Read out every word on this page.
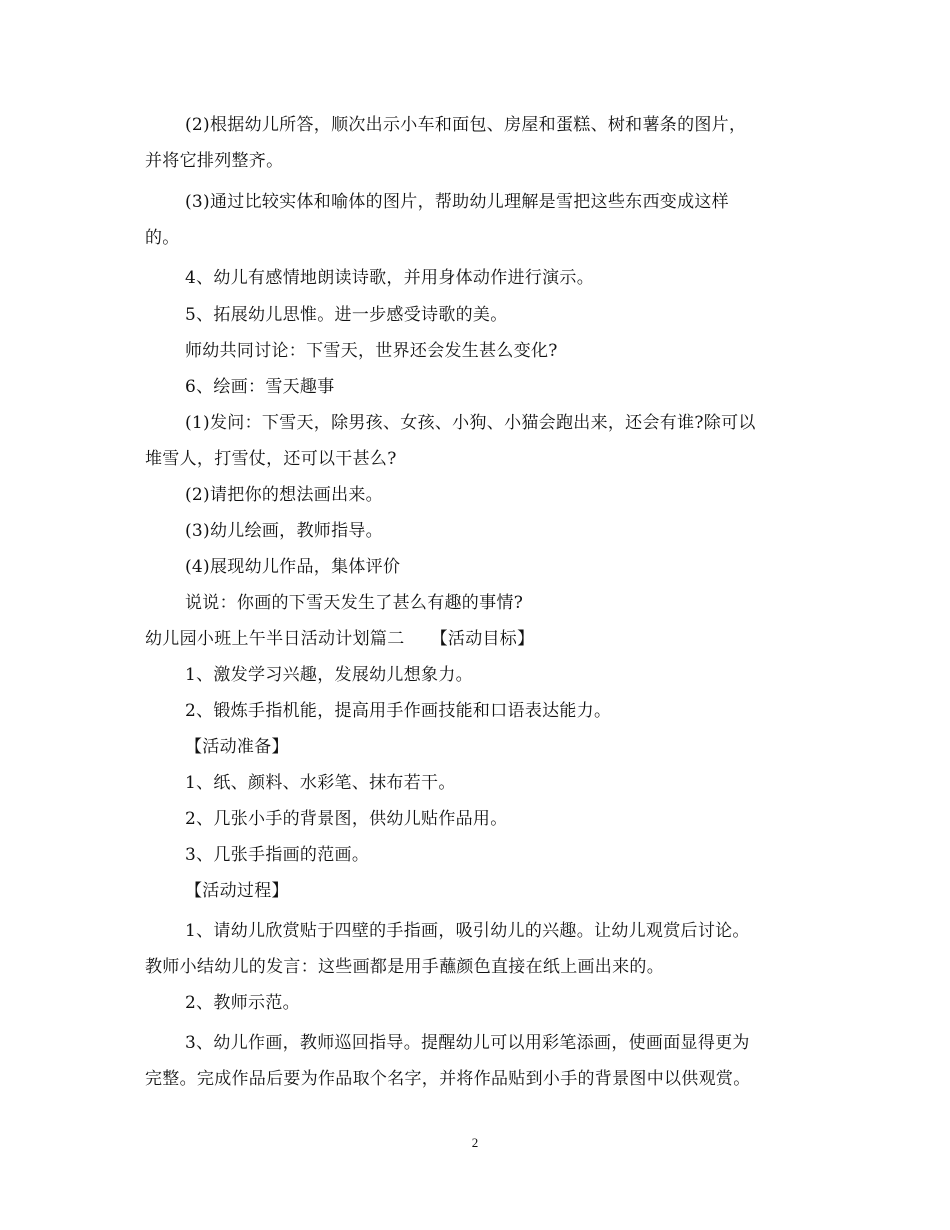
(2)根据幼儿所答，顺次出示小车和面包、房屋和蛋糕、树和薯条的图片，
并将它排列整齐。
(3)通过比较实体和喻体的图片，帮助幼儿理解是雪把这些东西变成这样
的。
4、幼儿有感情地朗读诗歌，并用身体动作进行演示。
5、拓展幼儿思惟。进一步感受诗歌的美。
师幼共同讨论：下雪天，世界还会发生甚么变化?
6、绘画：雪天趣事
(1)发问：下雪天，除男孩、女孩、小狗、小猫会跑出来，还会有谁?除可以
堆雪人，打雪仗，还可以干甚么?
(2)请把你的想法画出来。
(3)幼儿绘画，教师指导。
(4)展现幼儿作品，集体评价
说说：你画的下雪天发生了甚么有趣的事情?
幼儿园小班上午半日活动计划篇二　　【活动目标】
1、激发学习兴趣，发展幼儿想象力。
2、锻炼手指机能，提高用手作画技能和口语表达能力。
【活动准备】
1、纸、颜料、水彩笔、抹布若干。
2、几张小手的背景图，供幼儿贴作品用。
3、几张手指画的范画。
【活动过程】
1、请幼儿欣赏贴于四壁的手指画，吸引幼儿的兴趣。让幼儿观赏后讨论。
教师小结幼儿的发言：这些画都是用手蘸颜色直接在纸上画出来的。
2、教师示范。
3、幼儿作画，教师巡回指导。提醒幼儿可以用彩笔添画，使画面显得更为
完整。完成作品后要为作品取个名字，并将作品贴到小手的背景图中以供观赏。
2
